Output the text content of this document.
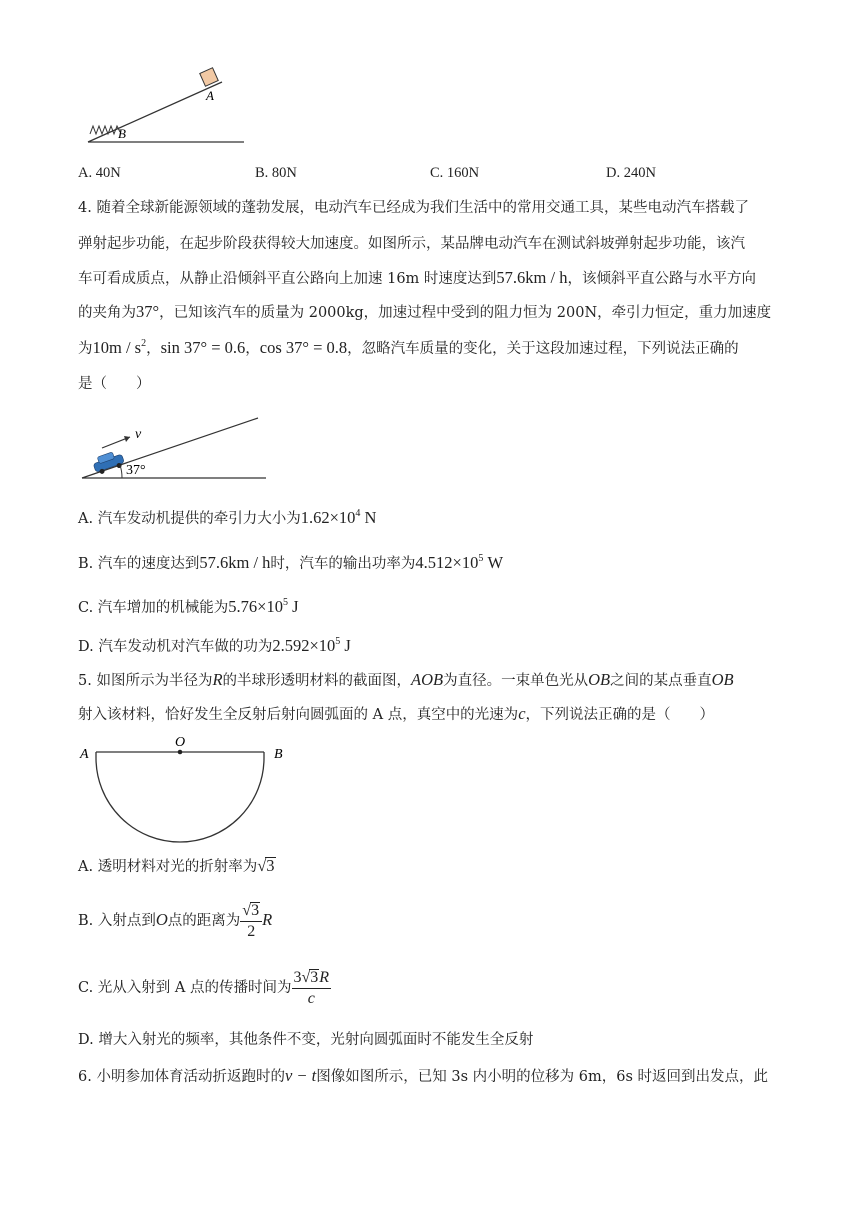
A
B
A. 40N	B. 80N	C. 160N	D. 240N
4. 随着全球新能源领域的蓬勃发展，电动汽车已经成为我们生活中的常用交通工具，某些电动汽车搭载了
弹射起步功能，在起步阶段获得较大加速度。如图所示，某品牌电动汽车在测试斜坡弹射起步功能，该汽
车可看成质点，从静止沿倾斜平直公路向上加速 16m 时速度达到57.6km / h，该倾斜平直公路与水平方向
的夹角为37°，已知该汽车的质量为 2000kg，加速过程中受到的阻力恒为 200N，牵引力恒定，重力加速度
为$10m / s^2$，sin 37° = 0.6，cos 37° = 0.8，忽略汽车质量的变化，关于这段加速过程，下列说法正确的
是（　　）
v
37°
A. 汽车发动机提供的牵引力大小为$1.62\times 10^4$ N
B. 汽车的速度达到57.6km / h时，汽车的输出功率为$4.512\times 10^5$ W
C. 汽车增加的机械能为$5.76\times 10^5$ J
D. 汽车发动机对汽车做的功为$2.592\times 10^5$ J
5. 如图所示为半径为R的半球形透明材料的截面图，AOB为直径。一束单色光从OB之间的某点垂直OB
射入该材料，恰好发生全反射后射向圆弧面的 A 点，真空中的光速为c，下列说法正确的是（　　）
A
O
B
A. 透明材料对光的折射率为√3
B. 入射点到O点的距离为 $\frac{√3}{2}$ R
C. 光从入射到 A 点的传播时间为 $\frac{3√3R}{c}$
D. 增大入射光的频率，其他条件不变，光射向圆弧面时不能发生全反射
6. 小明参加体育活动折返跑时的v − t图像如图所示，已知 3s 内小明的位移为 6m，6s 时返回到出发点，此
